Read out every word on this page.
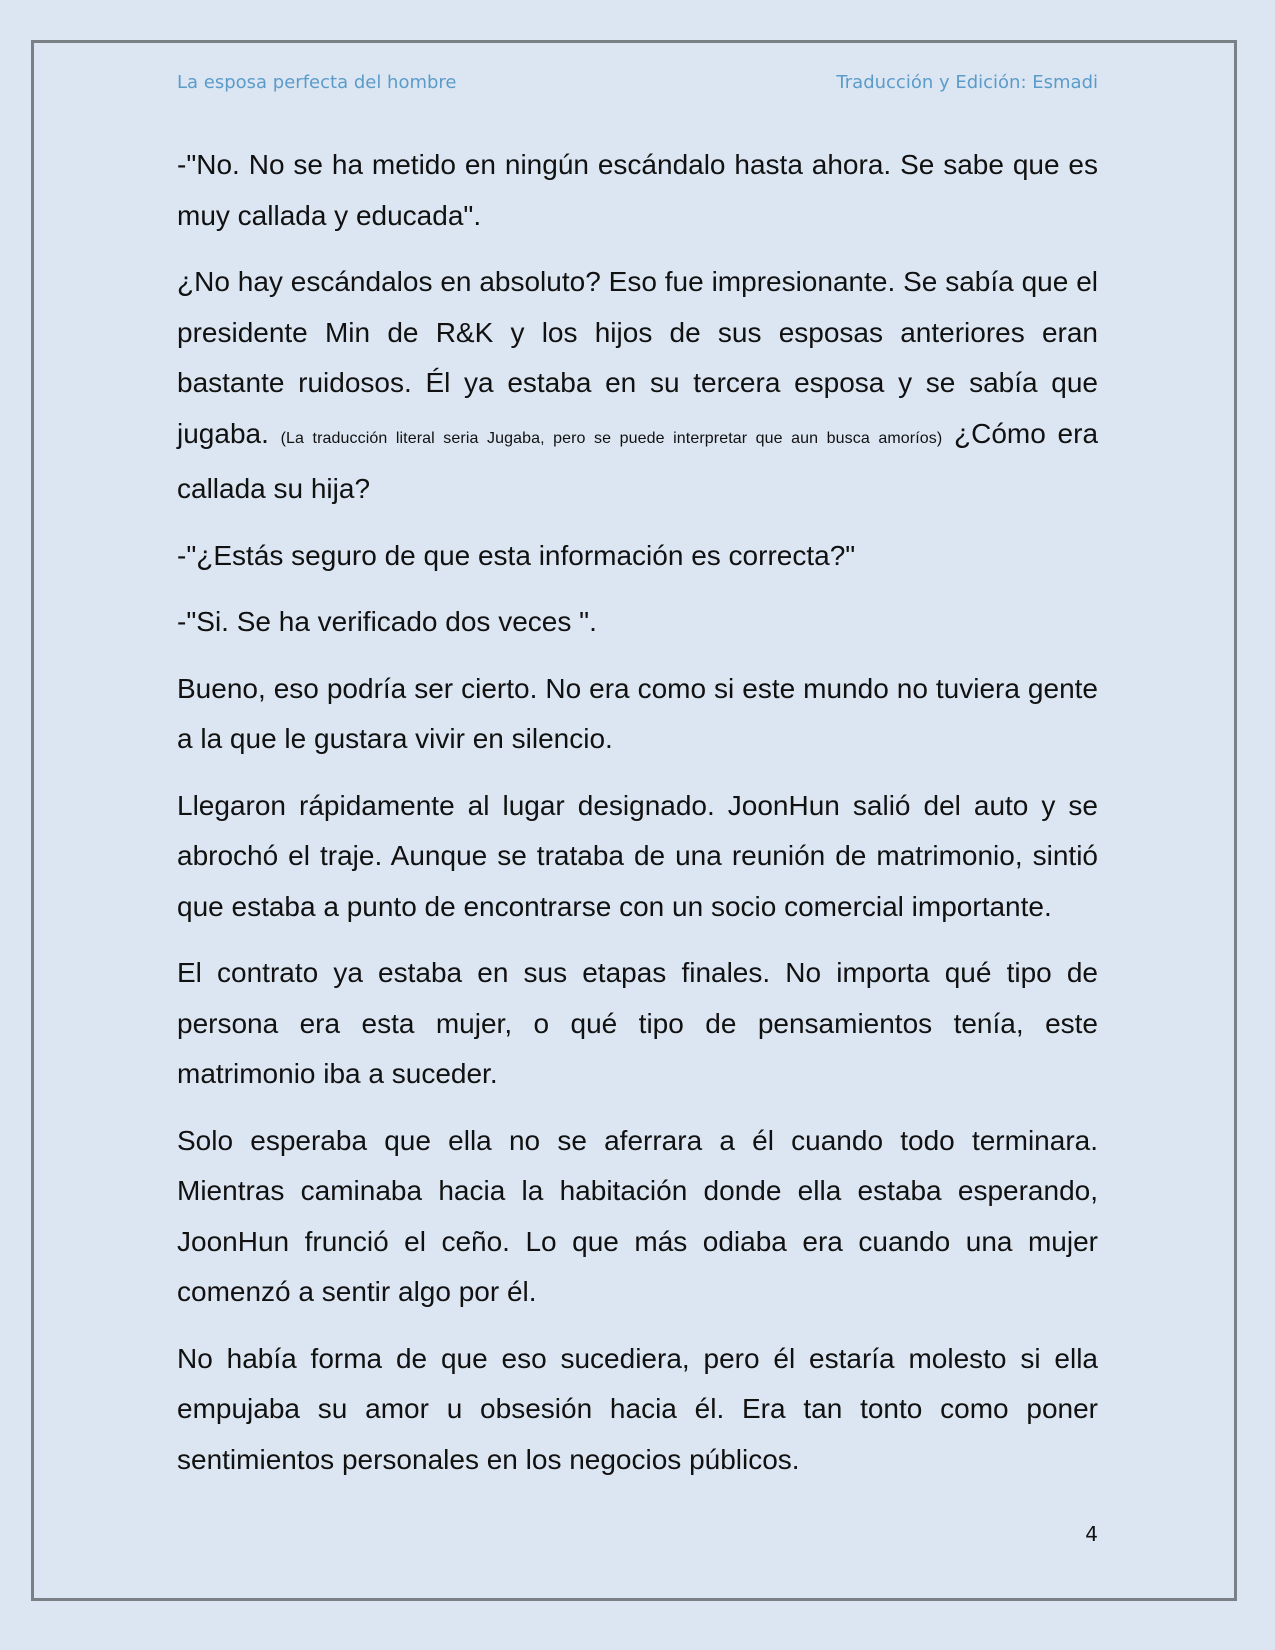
La esposa perfecta del hombre	Traducción y Edición: Esmadi

-"No. No se ha metido en ningún escándalo hasta ahora. Se sabe que es muy callada y educada".

¿No hay escándalos en absoluto? Eso fue impresionante. Se sabía que el presidente Min de R&K y los hijos de sus esposas anteriores eran bastante ruidosos. Él ya estaba en su tercera esposa y se sabía que jugaba. (La traducción literal seria Jugaba, pero se puede interpretar que aun busca amoríos) ¿Cómo era callada su hija?

-"¿Estás seguro de que esta información es correcta?"

-"Si. Se ha verificado dos veces ".

Bueno, eso podría ser cierto. No era como si este mundo no tuviera gente a la que le gustara vivir en silencio.

Llegaron rápidamente al lugar designado. JoonHun salió del auto y se abrochó el traje. Aunque se trataba de una reunión de matrimonio, sintió que estaba a punto de encontrarse con un socio comercial importante.

El contrato ya estaba en sus etapas finales. No importa qué tipo de persona era esta mujer, o qué tipo de pensamientos tenía, este matrimonio iba a suceder.

Solo esperaba que ella no se aferrara a él cuando todo terminara. Mientras caminaba hacia la habitación donde ella estaba esperando, JoonHun frunció el ceño. Lo que más odiaba era cuando una mujer comenzó a sentir algo por él.

No había forma de que eso sucediera, pero él estaría molesto si ella empujaba su amor u obsesión hacia él. Era tan tonto como poner sentimientos personales en los negocios públicos.

4
